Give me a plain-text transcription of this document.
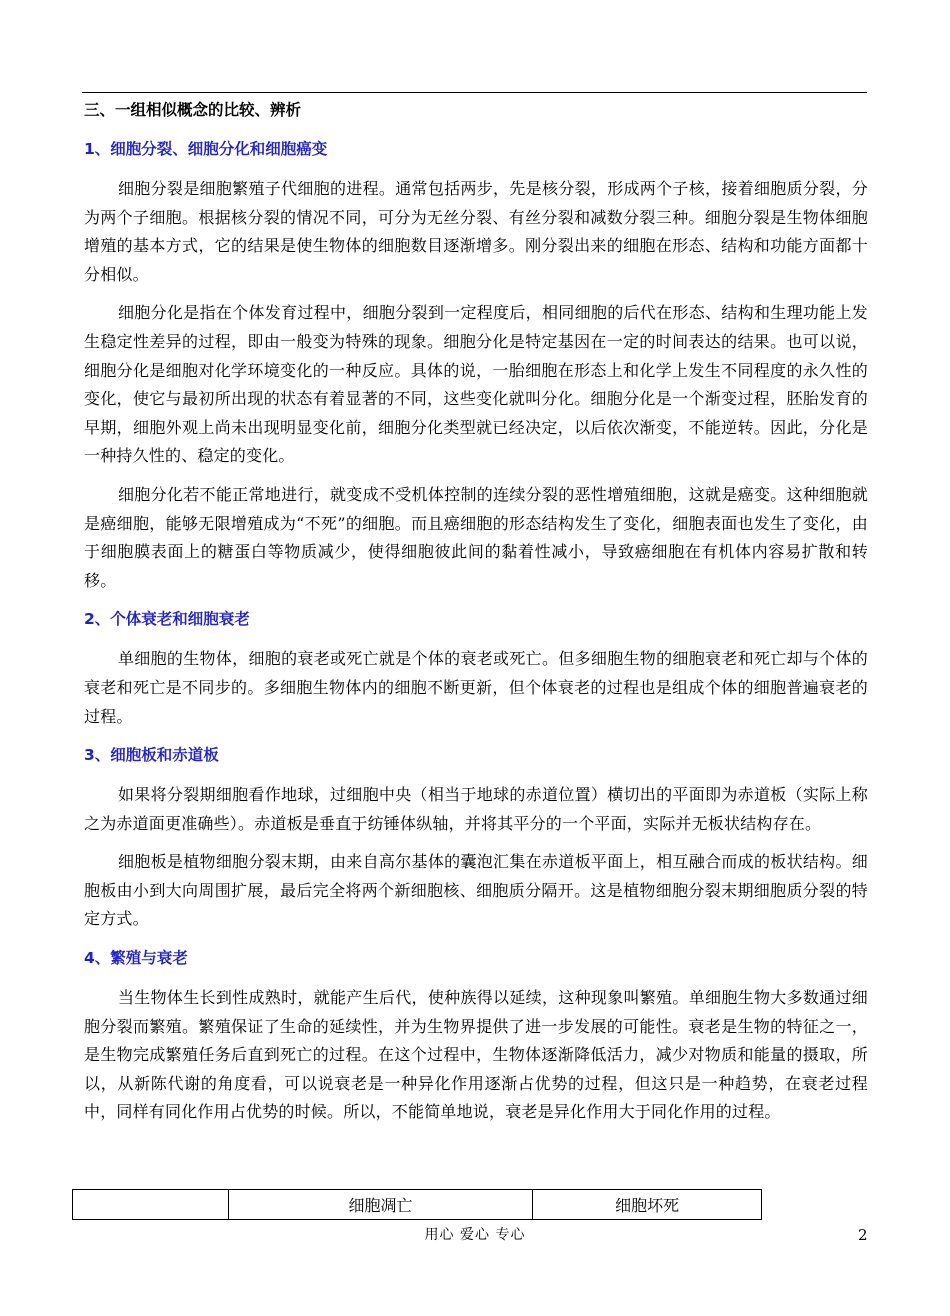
三、一组相似概念的比较、辨析
1、细胞分裂、细胞分化和细胞癌变

细胞分裂是细胞繁殖子代细胞的进程。通常包括两步，先是核分裂，形成两个子核，接着细胞质分裂，分为两个子细胞。根据核分裂的情况不同，可分为无丝分裂、有丝分裂和减数分裂三种。细胞分裂是生物体细胞增殖的基本方式，它的结果是使生物体的细胞数目逐渐增多。刚分裂出来的细胞在形态、结构和功能方面都十分相似。

细胞分化是指在个体发育过程中，细胞分裂到一定程度后，相同细胞的后代在形态、结构和生理功能上发生稳定性差异的过程，即由一般变为特殊的现象。细胞分化是特定基因在一定的时间表达的结果。也可以说，细胞分化是细胞对化学环境变化的一种反应。具体的说，一胎细胞在形态上和化学上发生不同程度的永久性的变化，使它与最初所出现的状态有着显著的不同，这些变化就叫分化。细胞分化是一个渐变过程，胚胎发育的早期，细胞外观上尚未出现明显变化前，细胞分化类型就已经决定，以后依次渐变，不能逆转。因此，分化是一种持久性的、稳定的变化。

细胞分化若不能正常地进行，就变成不受机体控制的连续分裂的恶性增殖细胞，这就是癌变。这种细胞就是癌细胞，能够无限增殖成为“不死”的细胞。而且癌细胞的形态结构发生了变化，细胞表面也发生了变化，由于细胞膜表面上的糖蛋白等物质减少，使得细胞彼此间的黏着性减小，导致癌细胞在有机体内容易扩散和转移。

2、个体衰老和细胞衰老

单细胞的生物体，细胞的衰老或死亡就是个体的衰老或死亡。但多细胞生物的细胞衰老和死亡却与个体的衰老和死亡是不同步的。多细胞生物体内的细胞不断更新，但个体衰老的过程也是组成个体的细胞普遍衰老的过程。

3、细胞板和赤道板

如果将分裂期细胞看作地球，过细胞中央（相当于地球的赤道位置）横切出的平面即为赤道板（实际上称之为赤道面更准确些）。赤道板是垂直于纺锤体纵轴，并将其平分的一个平面，实际并无板状结构存在。

细胞板是植物细胞分裂末期，由来自高尔基体的囊泡汇集在赤道板平面上，相互融合而成的板状结构。细胞板由小到大向周围扩展，最后完全将两个新细胞核、细胞质分隔开。这是植物细胞分裂末期细胞质分裂的特定方式。

4、繁殖与衰老

当生物体生长到性成熟时，就能产生后代，使种族得以延续，这种现象叫繁殖。单细胞生物大多数通过细胞分裂而繁殖。繁殖保证了生命的延续性，并为生物界提供了进一步发展的可能性。衰老是生物的特征之一，是生物完成繁殖任务后直到死亡的过程。在这个过程中，生物体逐渐降低活力，减少对物质和能量的摄取，所以，从新陈代谢的角度看，可以说衰老是一种异化作用逐渐占优势的过程，但这只是一种趋势，在衰老过程中，同样有同化作用占优势的时候。所以，不能简单地说，衰老是异化作用大于同化作用的过程。

	细胞凋亡	细胞坏死
用心 爱心 专心	2
